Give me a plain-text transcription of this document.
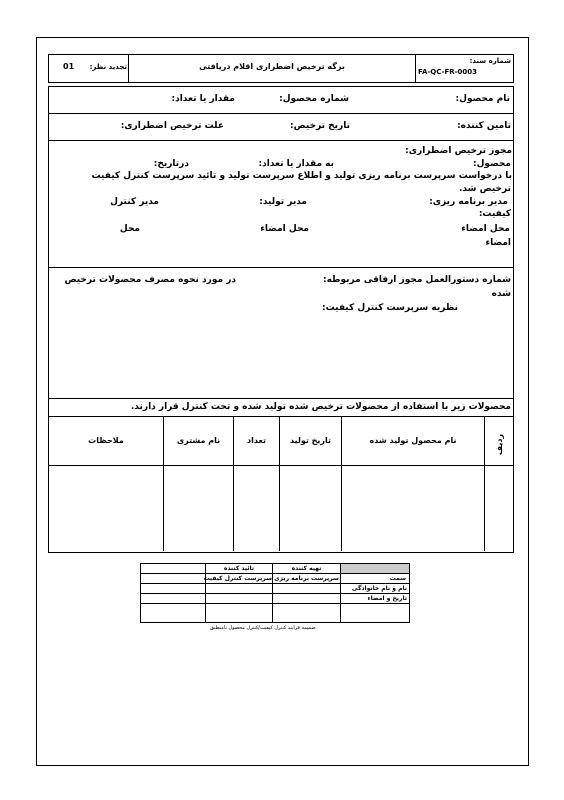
تجدید نظر:
01	برگه ترخیص اضطراری اقلام دریافتی
شماره سند:
FA-QC-FR-0003
نام محصول:
شماره محصول:
مقدار یا تعداد:
تامین کننده:
تاریخ ترخیص:
علت ترخیص اضطراری:
مجوز ترخیص اضطراری:
محصول:
به مقدار یا تعداد:
درتاریخ:
با درخواست سرپرست برنامه ریزی تولید و اطلاع سرپرست تولید و تائید سرپرست کنترل کیفیت
ترخیص شد.
مدیر برنامه ریزی:
مدیر تولید:
مدیر کنترل
کیفیت:
محل امضاء
محل امضاء
محل
امضاء
شماره دستورالعمل مجوز ارفاقی مربوطه:
در مورد نحوه مصرف محصولات ترخیص
شده
نظریه سرپرست کنترل کیفیت:
محصولات زیر با استفاده از محصولات ترخیص شده تولید شده و تحت کنترل قرار دارند.
ردیف
نام محصول تولید شده
تاریخ تولید
تعداد
نام مشتری
ملاحظات
تائید کننده	تهیه کننده
سمت
سرپرست کنترل کیفیت سرپرست برنامه ریزی
نام و نام خانوادگی
تاریخ و امضاء
ضمیمه فرایند کنترل کیفیت/کنترل محصول نامنطبق
